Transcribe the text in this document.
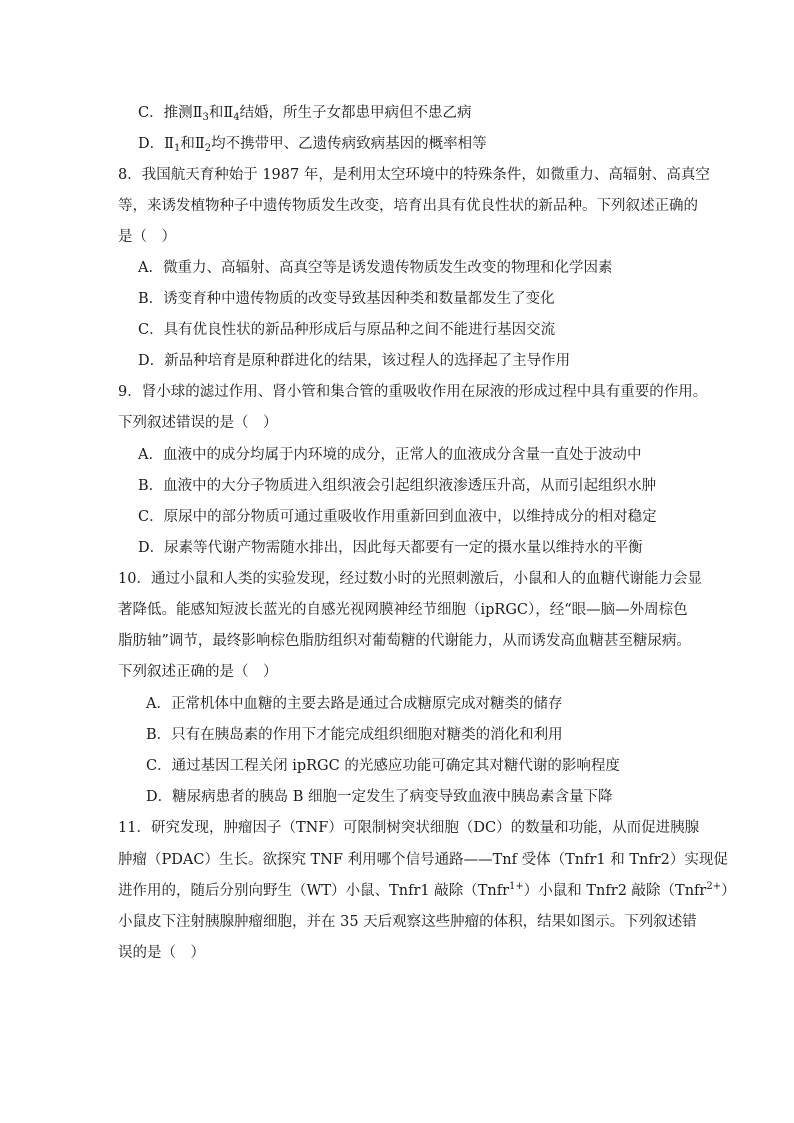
C．推测$Ⅱ_3$和$Ⅱ_4$结婚，所生子女都患甲病但不患乙病
D．$Ⅱ_1$和$Ⅱ_2$均不携带甲、乙遗传病致病基因的概率相等
8．我国航天育种始于 1987 年，是利用太空环境中的特殊条件，如微重力、高辐射、高真空
等，来诱发植物种子中遗传物质发生改变，培育出具有优良性状的新品种。下列叙述正确的
是（　）
A．微重力、高辐射、高真空等是诱发遗传物质发生改变的物理和化学因素
B．诱变育种中遗传物质的改变导致基因种类和数量都发生了变化
C．具有优良性状的新品种形成后与原品种之间不能进行基因交流
D．新品种培育是原种群进化的结果，该过程人的选择起了主导作用
9．肾小球的滤过作用、肾小管和集合管的重吸收作用在尿液的形成过程中具有重要的作用。
下列叙述错误的是（　）
A．血液中的成分均属于内环境的成分，正常人的血液成分含量一直处于波动中
B．血液中的大分子物质进入组织液会引起组织液渗透压升高，从而引起组织水肿
C．原尿中的部分物质可通过重吸收作用重新回到血液中，以维持成分的相对稳定
D．尿素等代谢产物需随水排出，因此每天都要有一定的摄水量以维持水的平衡
10．通过小鼠和人类的实验发现，经过数小时的光照刺激后，小鼠和人的血糖代谢能力会显
著降低。能感知短波长蓝光的自感光视网膜神经节细胞（ipRGC），经“眼—脑—外周棕色
脂肪轴”调节，最终影响棕色脂肪组织对葡萄糖的代谢能力，从而诱发高血糖甚至糖尿病。
下列叙述正确的是（　）
A．正常机体中血糖的主要去路是通过合成糖原完成对糖类的储存
B．只有在胰岛素的作用下才能完成组织细胞对糖类的消化和利用
C．通过基因工程关闭 ipRGC 的光感应功能可确定其对糖代谢的影响程度
D．糖尿病患者的胰岛 B 细胞一定发生了病变导致血液中胰岛素含量下降
11．研究发现，肿瘤因子（TNF）可限制树突状细胞（DC）的数量和功能，从而促进胰腺
肿瘤（PDAC）生长。欲探究 TNF 利用哪个信号通路——Tnf 受体（Tnfr1 和 Tnfr2）实现促
进作用的，随后分别向野生（WT）小鼠、Tnfr1 敲除（Tnfr$^{1+}$）小鼠和 Tnfr2 敲除（Tnfr$^{2+}$）
小鼠皮下注射胰腺肿瘤细胞，并在 35 天后观察这些肿瘤的体积，结果如图示。下列叙述错
误的是（　）
